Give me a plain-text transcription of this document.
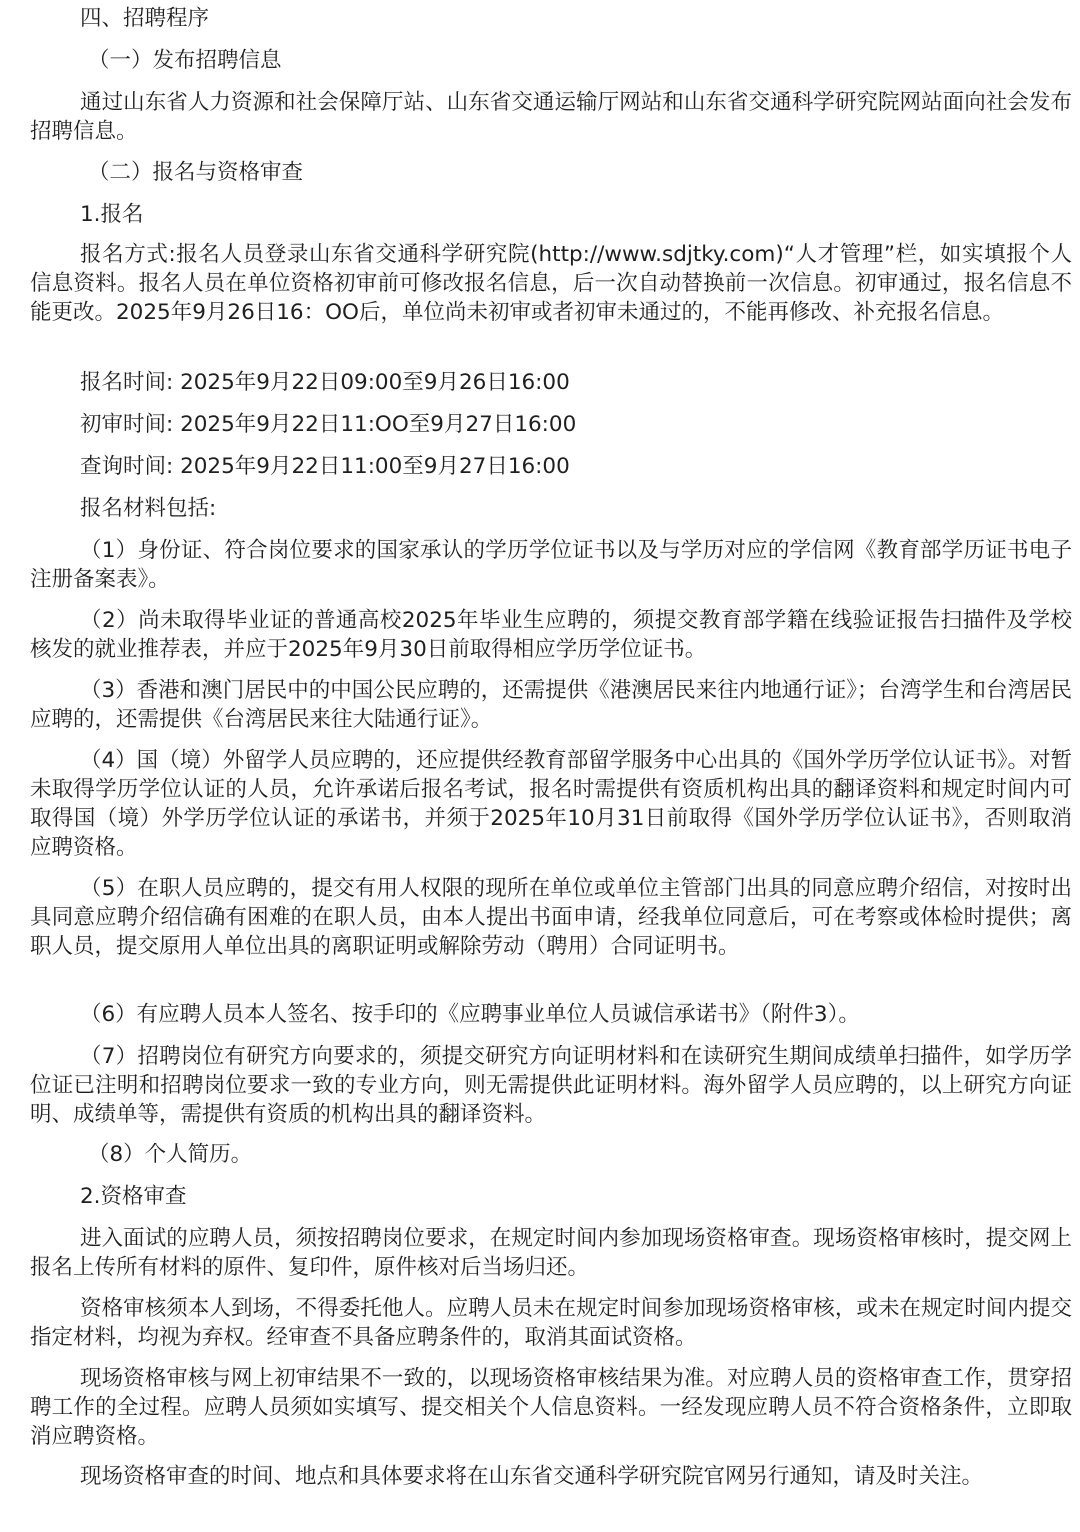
四、招聘程序
（一）发布招聘信息
通过山东省人力资源和社会保障厅站、山东省交通运输厅网站和山东省交通科学研究院网站面向社会发布招聘信息。
（二）报名与资格审查
1.报名
报名方式:报名人员登录山东省交通科学研究院(http://www.sdjtky.com)“人才管理”栏，如实填报个人信息资料。报名人员在单位资格初审前可修改报名信息，后一次自动替换前一次信息。初审通过，报名信息不能更改。2025年9月26日16：OO后，单位尚未初审或者初审未通过的，不能再修改、补充报名信息。
报名时间: 2025年9月22日09:00至9月26日16:00
初审时间: 2025年9月22日11:OO至9月27日16:00
查询时间: 2025年9月22日11:00至9月27日16:00
报名材料包括:
（1）身份证、符合岗位要求的国家承认的学历学位证书以及与学历对应的学信网《教育部学历证书电子注册备案表》。
（2）尚未取得毕业证的普通高校2025年毕业生应聘的，须提交教育部学籍在线验证报告扫描件及学校核发的就业推荐表，并应于2025年9月30日前取得相应学历学位证书。
（3）香港和澳门居民中的中国公民应聘的，还需提供《港澳居民来往内地通行证》；台湾学生和台湾居民应聘的，还需提供《台湾居民来往大陆通行证》。
（4）国（境）外留学人员应聘的，还应提供经教育部留学服务中心出具的《国外学历学位认证书》。对暂未取得学历学位认证的人员，允许承诺后报名考试，报名时需提供有资质机构出具的翻译资料和规定时间内可取得国（境）外学历学位认证的承诺书，并须于2025年10月31日前取得《国外学历学位认证书》，否则取消应聘资格。
（5）在职人员应聘的，提交有用人权限的现所在单位或单位主管部门出具的同意应聘介绍信，对按时出具同意应聘介绍信确有困难的在职人员，由本人提出书面申请，经我单位同意后，可在考察或体检时提供；离职人员，提交原用人单位出具的离职证明或解除劳动（聘用）合同证明书。
（6）有应聘人员本人签名、按手印的《应聘事业单位人员诚信承诺书》（附件3）。
（7）招聘岗位有研究方向要求的，须提交研究方向证明材料和在读研究生期间成绩单扫描件，如学历学位证已注明和招聘岗位要求一致的专业方向，则无需提供此证明材料。海外留学人员应聘的，以上研究方向证明、成绩单等，需提供有资质的机构出具的翻译资料。
（8）个人简历。
2.资格审查
进入面试的应聘人员，须按招聘岗位要求，在规定时间内参加现场资格审查。现场资格审核时，提交网上报名上传所有材料的原件、复印件，原件核对后当场归还。
资格审核须本人到场，不得委托他人。应聘人员未在规定时间参加现场资格审核，或未在规定时间内提交指定材料，均视为弃权。经审查不具备应聘条件的，取消其面试资格。
现场资格审核与网上初审结果不一致的，以现场资格审核结果为准。对应聘人员的资格审查工作，贯穿招聘工作的全过程。应聘人员须如实填写、提交相关个人信息资料。一经发现应聘人员不符合资格条件，立即取消应聘资格。
现场资格审查的时间、地点和具体要求将在山东省交通科学研究院官网另行通知，请及时关注。
